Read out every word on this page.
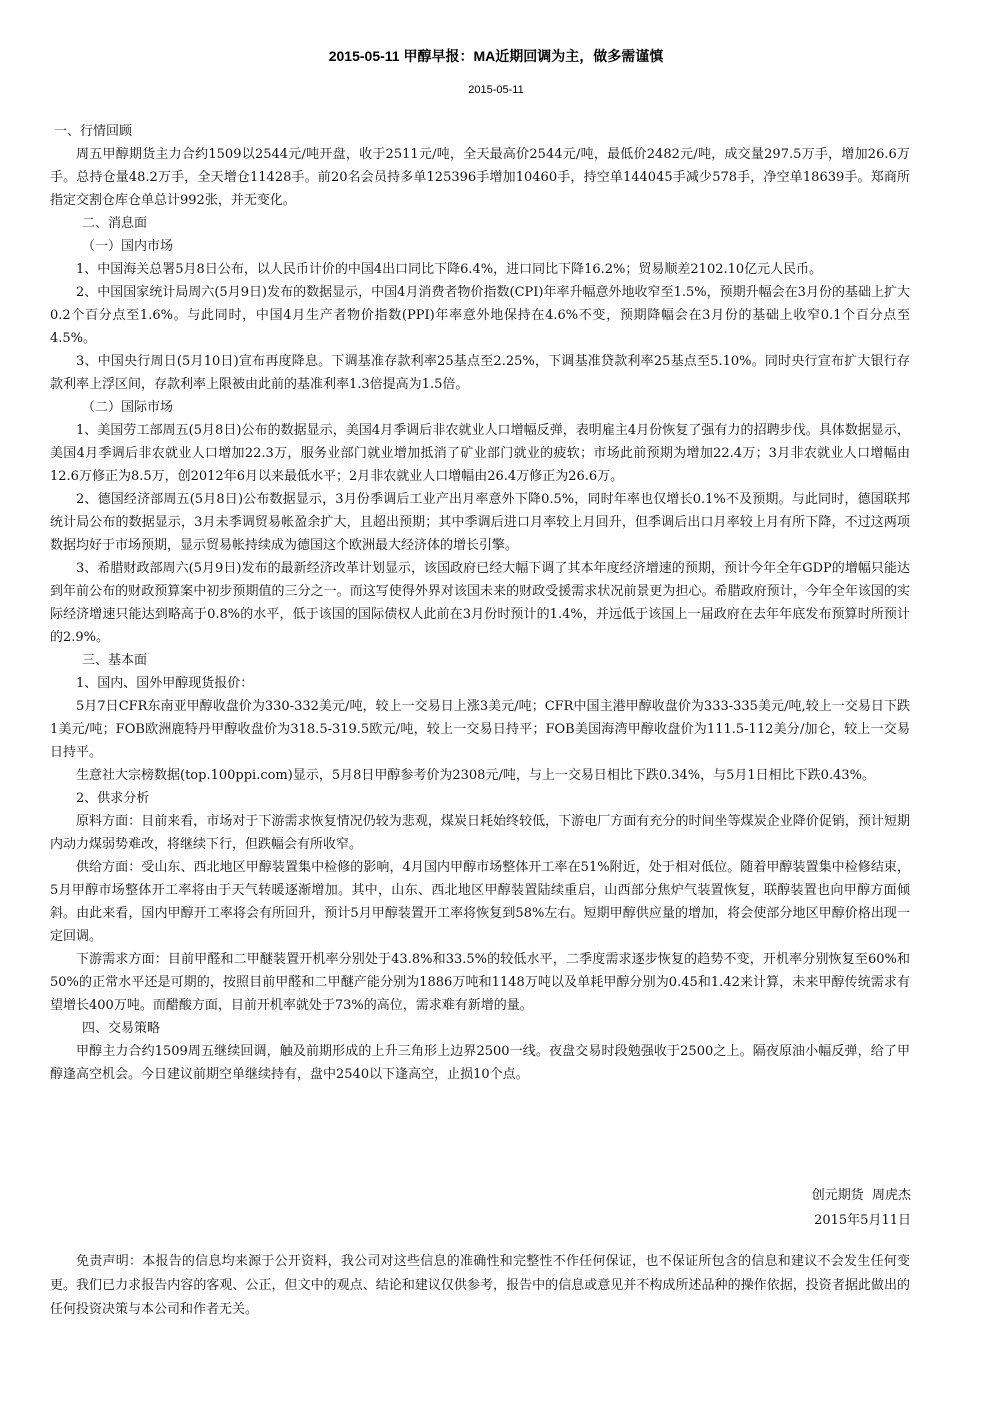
2015-05-11 甲醇早报：MA近期回调为主，做多需谨慎
2015-05-11

一、行情回顾

周五甲醇期货主力合约1509以2544元/吨开盘，收于2511元/吨，全天最高价2544元/吨，最低价2482元/吨，成交量297.5万手，增加26.6万手。总持仓量48.2万手，全天增仓11428手。前20名会员持多单125396手增加10460手，持空单144045手减少578手，净空单18639手。郑商所指定交割仓库仓单总计992张，并无变化。

二、消息面

（一）国内市场

1、中国海关总署5月8日公布，以人民币计价的中国4出口同比下降6.4%，进口同比下降16.2%；贸易顺差2102.10亿元人民币。

2、中国国家统计局周六(5月9日)发布的数据显示，中国4月消费者物价指数(CPI)年率升幅意外地收窄至1.5%，预期升幅会在3月份的基础上扩大0.2个百分点至1.6%。与此同时，中国4月生产者物价指数(PPI)年率意外地保持在4.6%不变，预期降幅会在3月份的基础上收窄0.1个百分点至4.5%。

3、中国央行周日(5月10日)宣布再度降息。下调基准存款利率25基点至2.25%，下调基准贷款利率25基点至5.10%。同时央行宣布扩大银行存款利率上浮区间，存款利率上限被由此前的基准利率1.3倍提高为1.5倍。

（二）国际市场

1、美国劳工部周五(5月8日)公布的数据显示，美国4月季调后非农就业人口增幅反弹，表明雇主4月份恢复了强有力的招聘步伐。具体数据显示，美国4月季调后非农就业人口增加22.3万，服务业部门就业增加抵消了矿业部门就业的疲软；市场此前预期为增加22.4万；3月非农就业人口增幅由12.6万修正为8.5万，创2012年6月以来最低水平；2月非农就业人口增幅由26.4万修正为26.6万。

2、德国经济部周五(5月8日)公布数据显示，3月份季调后工业产出月率意外下降0.5%，同时年率也仅增长0.1%不及预期。与此同时，德国联邦统计局公布的数据显示，3月未季调贸易帐盈余扩大，且超出预期；其中季调后进口月率较上月回升，但季调后出口月率较上月有所下降，不过这两项数据均好于市场预期，显示贸易帐持续成为德国这个欧洲最大经济体的增长引擎。

3、希腊财政部周六(5月9日)发布的最新经济改革计划显示，该国政府已经大幅下调了其本年度经济增速的预期，预计今年全年GDP的增幅只能达到年前公布的财政预算案中初步预期值的三分之一。而这写使得外界对该国未来的财政受援需求状况前景更为担心。希腊政府预计，今年全年该国的实际经济增速只能达到略高于0.8%的水平，低于该国的国际债权人此前在3月份时预计的1.4%，并远低于该国上一届政府在去年年底发布预算时所预计的2.9%。

三、基本面

1、国内、国外甲醇现货报价：

5月7日CFR东南亚甲醇收盘价为330-332美元/吨，较上一交易日上涨3美元/吨；CFR中国主港甲醇收盘价为333-335美元/吨,较上一交易日下跌1美元/吨；FOB欧洲鹿特丹甲醇收盘价为318.5-319.5欧元/吨，较上一交易日持平；FOB美国海湾甲醇收盘价为111.5-112美分/加仑，较上一交易日持平。

生意社大宗榜数据(top.100ppi.com)显示，5月8日甲醇参考价为2308元/吨，与上一交易日相比下跌0.34%，与5月1日相比下跌0.43%。

2、供求分析

原料方面：目前来看，市场对于下游需求恢复情况仍较为悲观，煤炭日耗始终较低，下游电厂方面有充分的时间坐等煤炭企业降价促销，预计短期内动力煤弱势难改，将继续下行，但跌幅会有所收窄。

供给方面：受山东、西北地区甲醇装置集中检修的影响，4月国内甲醇市场整体开工率在51%附近，处于相对低位。随着甲醇装置集中检修结束，5月甲醇市场整体开工率将由于天气转暖逐渐增加。其中，山东、西北地区甲醇装置陆续重启，山西部分焦炉气装置恢复，联醇装置也向甲醇方面倾斜。由此来看，国内甲醇开工率将会有所回升，预计5月甲醇装置开工率将恢复到58%左右。短期甲醇供应量的增加，将会使部分地区甲醇价格出现一定回调。

下游需求方面：目前甲醛和二甲醚装置开机率分别处于43.8%和33.5%的较低水平，二季度需求逐步恢复的趋势不变，开机率分别恢复至60%和50%的正常水平还是可期的，按照目前甲醛和二甲醚产能分别为1886万吨和1148万吨以及单耗甲醇分别为0.45和1.42来计算，未来甲醇传统需求有望增长400万吨。而醋酸方面，目前开机率就处于73%的高位，需求难有新增的量。

四、交易策略

甲醇主力合约1509周五继续回调，触及前期形成的上升三角形上边界2500一线。夜盘交易时段勉强收于2500之上。隔夜原油小幅反弹，给了甲醇逢高空机会。今日建议前期空单继续持有，盘中2540以下逢高空，止损10个点。

创元期货  周虎杰
2015年5月11日

免责声明：本报告的信息均来源于公开资料，我公司对这些信息的准确性和完整性不作任何保证，也不保证所包含的信息和建议不会发生任何变更。我们已力求报告内容的客观、公正，但文中的观点、结论和建议仅供参考，报告中的信息或意见并不构成所述品种的操作依据，投资者据此做出的任何投资决策与本公司和作者无关。
